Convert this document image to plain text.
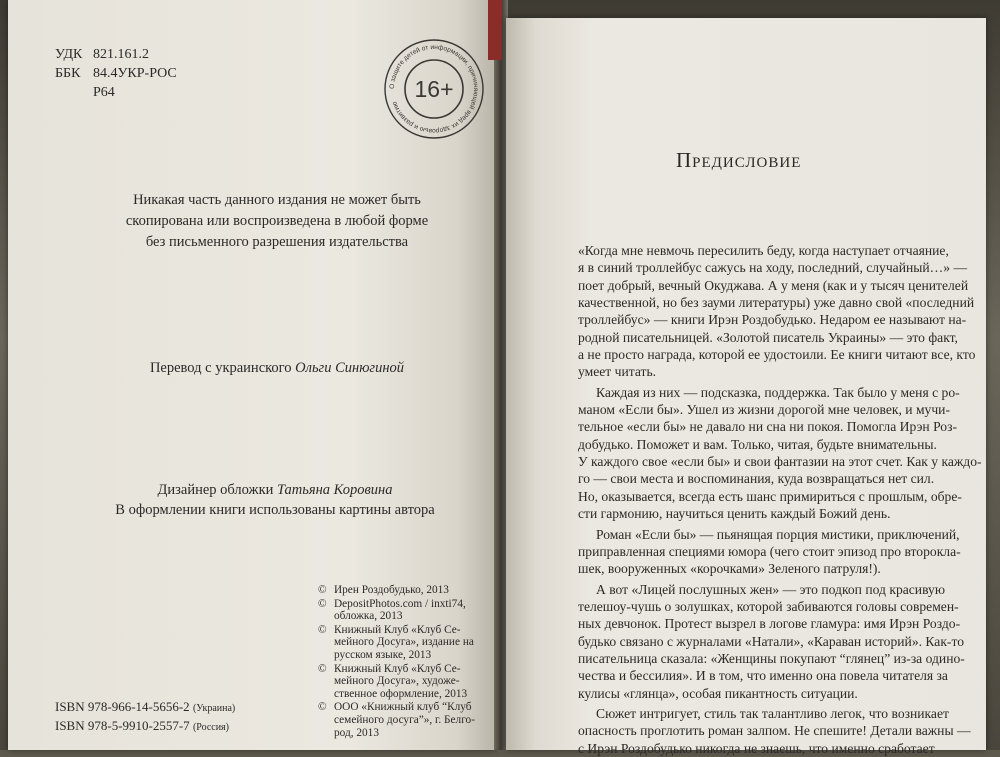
УДК 821.161.2
ББК 84.4УКР-РОС
Р64	О защите детей от информации, причиняющей вред их здоровью и развитию
16+
Никакая часть данного издания не может быть
скопирована или воспроизведена в любой форме
без письменного разрешения издательства
Перевод с украинского Ольги Синюгиной
Дизайнер обложки Татьяна Коровина
В оформлении книги использованы картины автора
© Ирен Роздобудько, 2013
© DepositPhotos.com / inxti74,
обложка, 2013
© Книжный Клуб «Клуб Се-
мейного Досуга», издание на
русском языке, 2013
© Книжный Клуб «Клуб Се-
мейного Досуга», художе-
ственное оформление, 2013
© ООО «Книжный клуб “Клуб
семейного досуга”», г. Белго-
род, 2013
ISBN 978-966-14-5656-2 (Украина)
ISBN 978-5-9910-2557-7 (Россия)
Предисловие
«Когда мне невмочь пересилить беду, когда наступает отчаяние,
я в синий троллейбус сажусь на ходу, последний, случайный…» —
поет добрый, вечный Окуджава. А у меня (как и у тысяч ценителей
качественной, но без зауми литературы) уже давно свой «последний
троллейбус» — книги Ирэн Роздобудько. Недаром ее называют на-
родной писательницей. «Золотой писатель Украины» — это факт,
а не просто награда, которой ее удостоили. Ее книги читают все, кто
умеет читать.
Каждая из них — подсказка, поддержка. Так было у меня с ро-
маном «Если бы». Ушел из жизни дорогой мне человек, и мучи-
тельное «если бы» не давало ни сна ни покоя. Помогла Ирэн Роз-
добудько. Поможет и вам. Только, читая, будьте внимательны.
У каждого свое «если бы» и свои фантазии на этот счет. Как у каждо-
го — свои места и воспоминания, куда возвращаться нет сил.
Но, оказывается, всегда есть шанс примириться с прошлым, обре-
сти гармонию, научиться ценить каждый Божий день.
Роман «Если бы» — пьянящая порция мистики, приключений,
приправленная специями юмора (чего стоит эпизод про второкла-
шек, вооруженных «корочками» Зеленого патруля!).
А вот «Лицей послушных жен» — это подкоп под красивую
телешоу-чушь о золушках, которой забиваются головы современ-
ных девчонок. Протест вызрел в логове гламура: имя Ирэн Роздо-
будько связано с журналами «Натали», «Караван историй». Как-то
писательница сказала: «Женщины покупают “глянец” из-за одино-
чества и бессилия». И в том, что именно она повела читателя за
кулисы «глянца», особая пикантность ситуации.
Сюжет интригует, стиль так талантливо легок, что возникает
опасность проглотить роман залпом. Не спешите! Детали важны —
с Ирэн Роздобудько никогда не знаешь, что именно сработает
